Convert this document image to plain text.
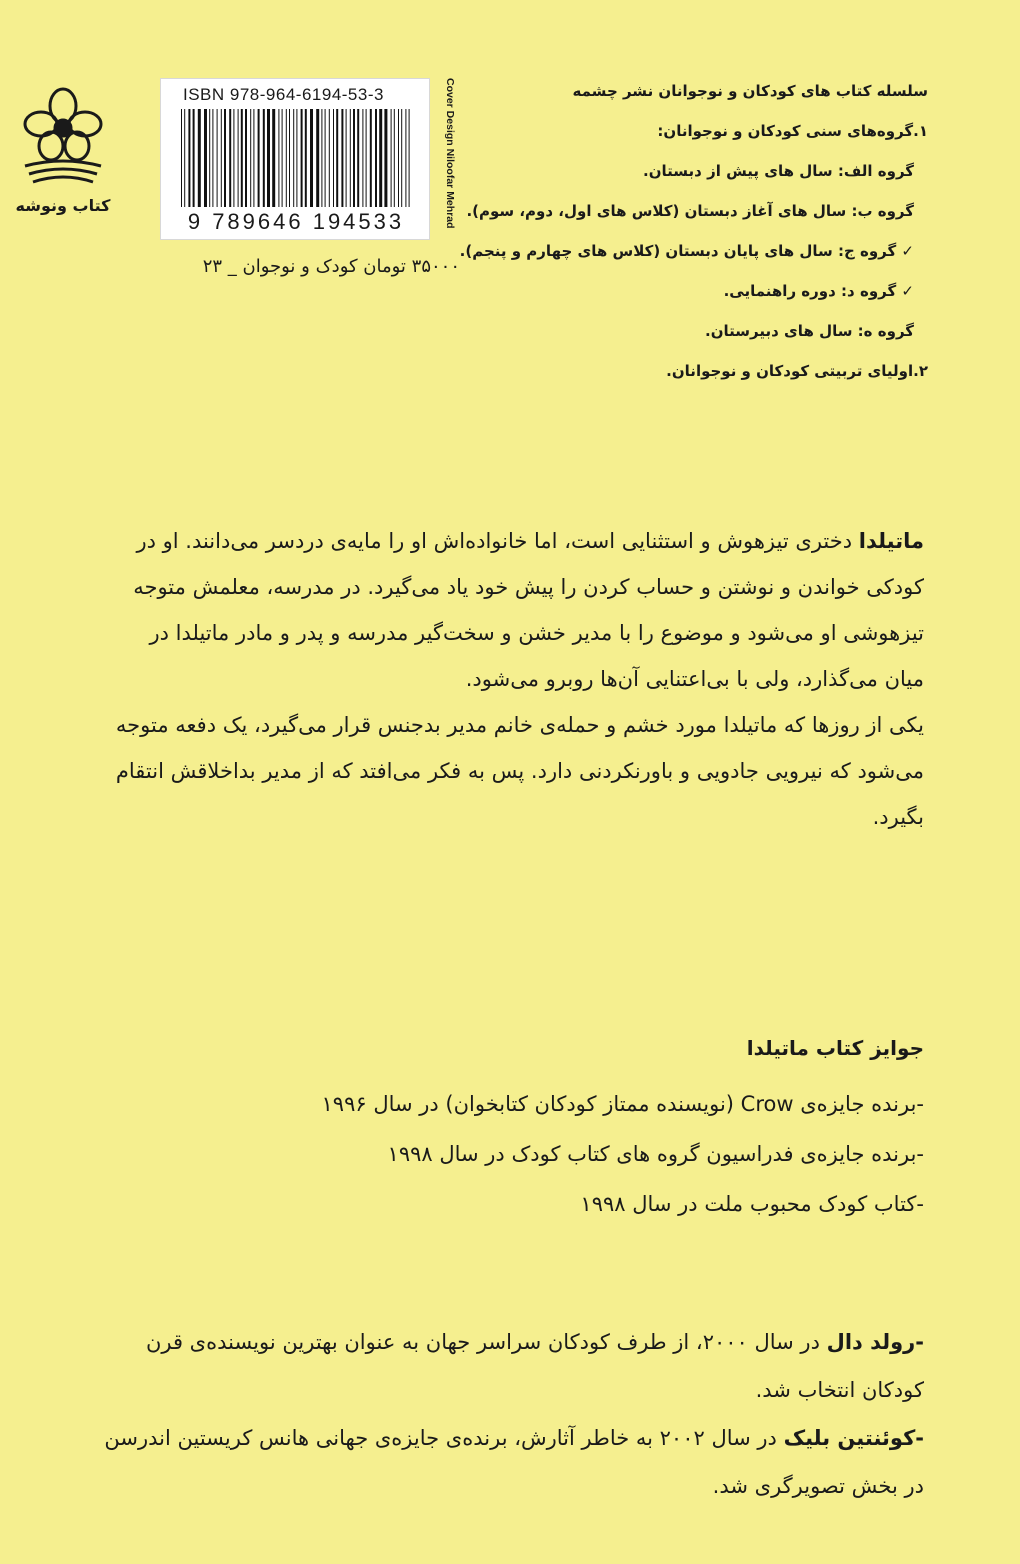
کتاب ونوشه
ISBN 978-964-6194-53-3
9 789646 194533	Cover Design Niloofar Mehrad
۳۵۰۰۰ تومان کودک و نوجوان _ ۲۳
سلسله کتاب های کودکان و نوجوانان نشر چشمه
۱.گروه‌های سنی کودکان و نوجوانان:
گروه الف: سال های پیش از دبستان.
گروه ب: سال های آغاز دبستان (کلاس های اول، دوم، سوم).
✓ گروه ج: سال های پایان دبستان (کلاس های چهارم و پنجم).
✓ گروه د: دوره راهنمایی.
گروه ه: سال های دبیرستان.
۲.اولیای تربیتی کودکان و نوجوانان.

ماتیلدا دختری تیزهوش و استثنایی است، اما خانواده‌اش او را مایه‌ی دردسر می‌دانند. او در کودکی خواندن و نوشتن و حساب کردن را پیش خود یاد می‌گیرد. در مدرسه، معلمش متوجه تیزهوشی او می‌شود و موضوع را با مدیر خشن و سخت‌گیر مدرسه و پدر و مادر ماتیلدا در میان می‌گذارد، ولی با بی‌اعتنایی آن‌ها روبرو می‌شود.

یکی از روزها که ماتیلدا مورد خشم و حمله‌ی خانم مدیر بدجنس قرار می‌گیرد، یک دفعه متوجه می‌شود که نیرویی جادویی و باورنکردنی دارد. پس به فکر می‌افتد که از مدیر بداخلاقش انتقام بگیرد.

جوایز کتاب ماتیلدا
-برنده جایزه‌ی Crow (نویسنده ممتاز کودکان کتابخوان) در سال ۱۹۹۶
-برنده جایزه‌ی فدراسیون گروه های کتاب کودک در سال ۱۹۹۸
-کتاب کودک محبوب ملت در سال ۱۹۹۸

-رولد دال در سال ۲۰۰۰، از طرف کودکان سراسر جهان به عنوان بهترین نویسنده‌ی قرن کودکان انتخاب شد.

-کوئنتین بلیک در سال ۲۰۰۲ به خاطر آثارش، برنده‌ی جایزه‌ی جهانی هانس کریستین اندرسن در بخش تصویرگری شد.
